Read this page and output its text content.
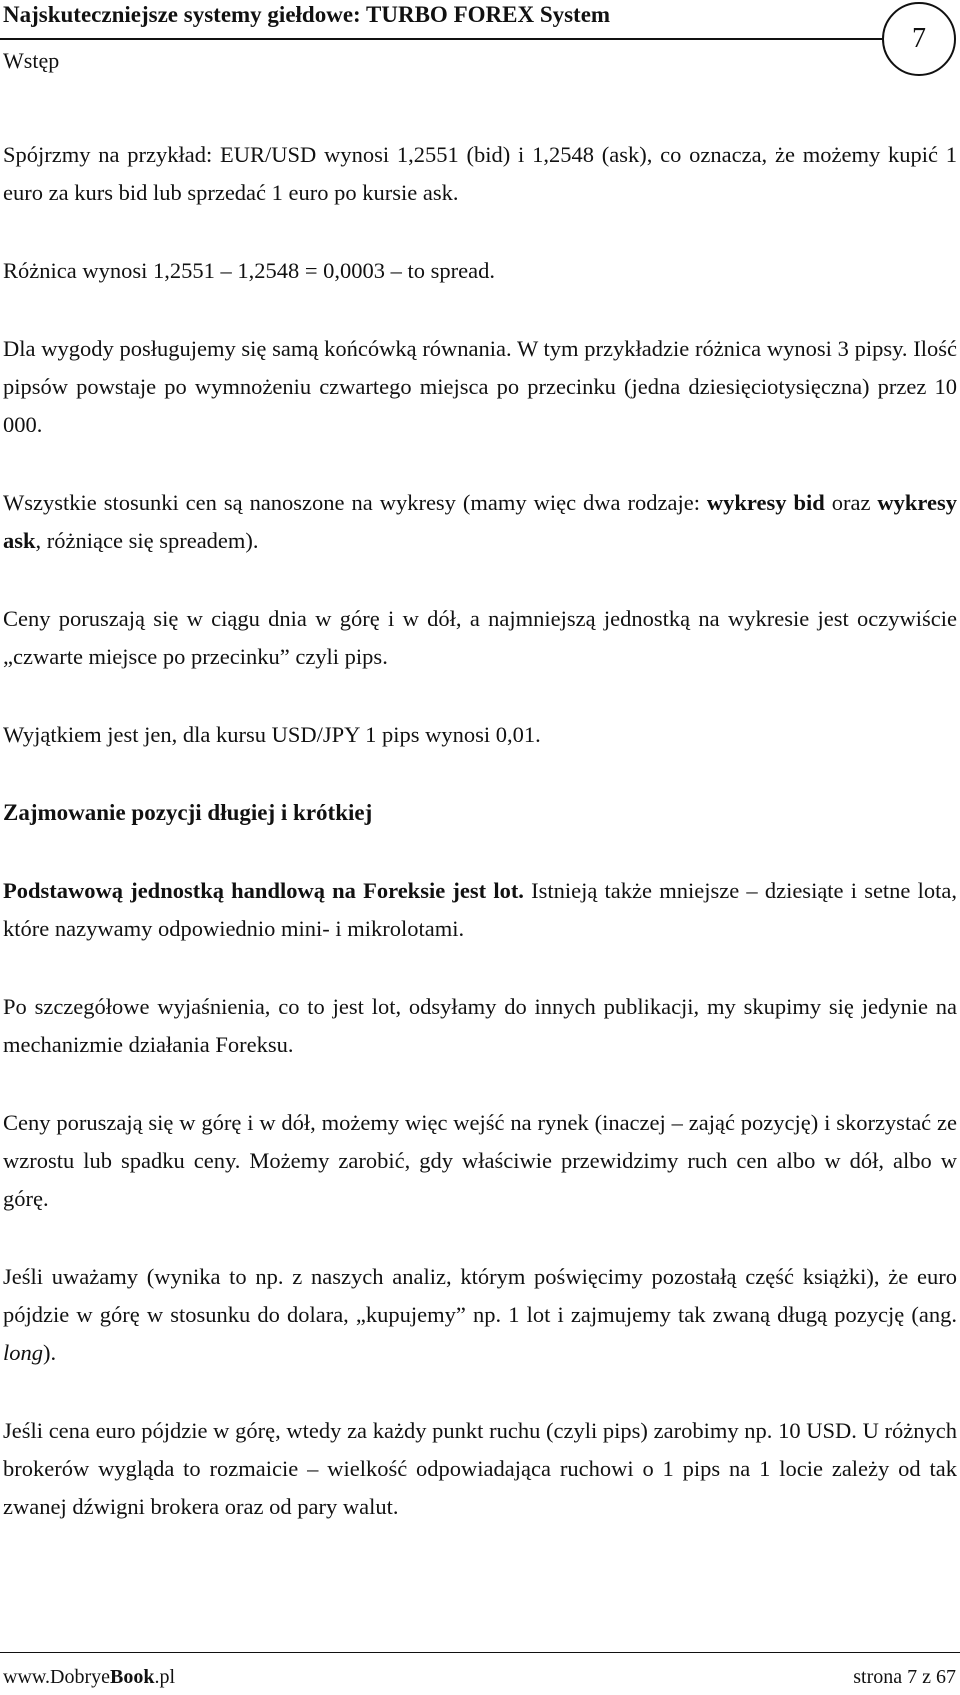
Najskuteczniejsze systemy giełdowe: TURBO FOREX System
Wstęp
7

Spójrzmy na przykład: EUR/USD wynosi 1,2551 (bid) i 1,2548 (ask), co oznacza, że możemy kupić 1 euro za kurs bid lub sprzedać 1 euro po kursie ask.

Różnica wynosi 1,2551 – 1,2548 = 0,0003 – to spread.

Dla wygody posługujemy się samą końcówką równania. W tym przykładzie różnica wynosi 3 pipsy. Ilość pipsów powstaje po wymnożeniu czwartego miejsca po przecinku (jedna dziesięciotysięczna) przez 10 000.

Wszystkie stosunki cen są nanoszone na wykresy (mamy więc dwa rodzaje: wykresy bid oraz wykresy ask, różniące się spreadem).

Ceny poruszają się w ciągu dnia w górę i w dół, a najmniejszą jednostką na wykresie jest oczywiście „czwarte miejsce po przecinku” czyli pips.

Wyjątkiem jest jen, dla kursu USD/JPY 1 pips wynosi 0,01.

Zajmowanie pozycji długiej i krótkiej

Podstawową jednostką handlową na Foreksie jest lot. Istnieją także mniejsze – dziesiąte i setne lota, które nazywamy odpowiednio mini- i mikrolotami.

Po szczegółowe wyjaśnienia, co to jest lot, odsyłamy do innych publikacji, my skupimy się jedynie na mechanizmie działania Foreksu.

Ceny poruszają się w górę i w dół, możemy więc wejść na rynek (inaczej – zająć pozycję) i skorzystać ze wzrostu lub spadku ceny. Możemy zarobić, gdy właściwie przewidzimy ruch cen albo w dół, albo w górę.

Jeśli uważamy (wynika to np. z naszych analiz, którym poświęcimy pozostałą część książki), że euro pójdzie w górę w stosunku do dolara, „kupujemy” np. 1 lot i zajmujemy tak zwaną długą pozycję (ang. long).

Jeśli cena euro pójdzie w górę, wtedy za każdy punkt ruchu (czyli pips) zarobimy np. 10 USD. U różnych brokerów wygląda to rozmaicie – wielkość odpowiadająca ruchowi o 1 pips na 1 locie zależy od tak zwanej dźwigni brokera oraz od pary walut.

www.DobryeBook.pl	strona 7 z 67
